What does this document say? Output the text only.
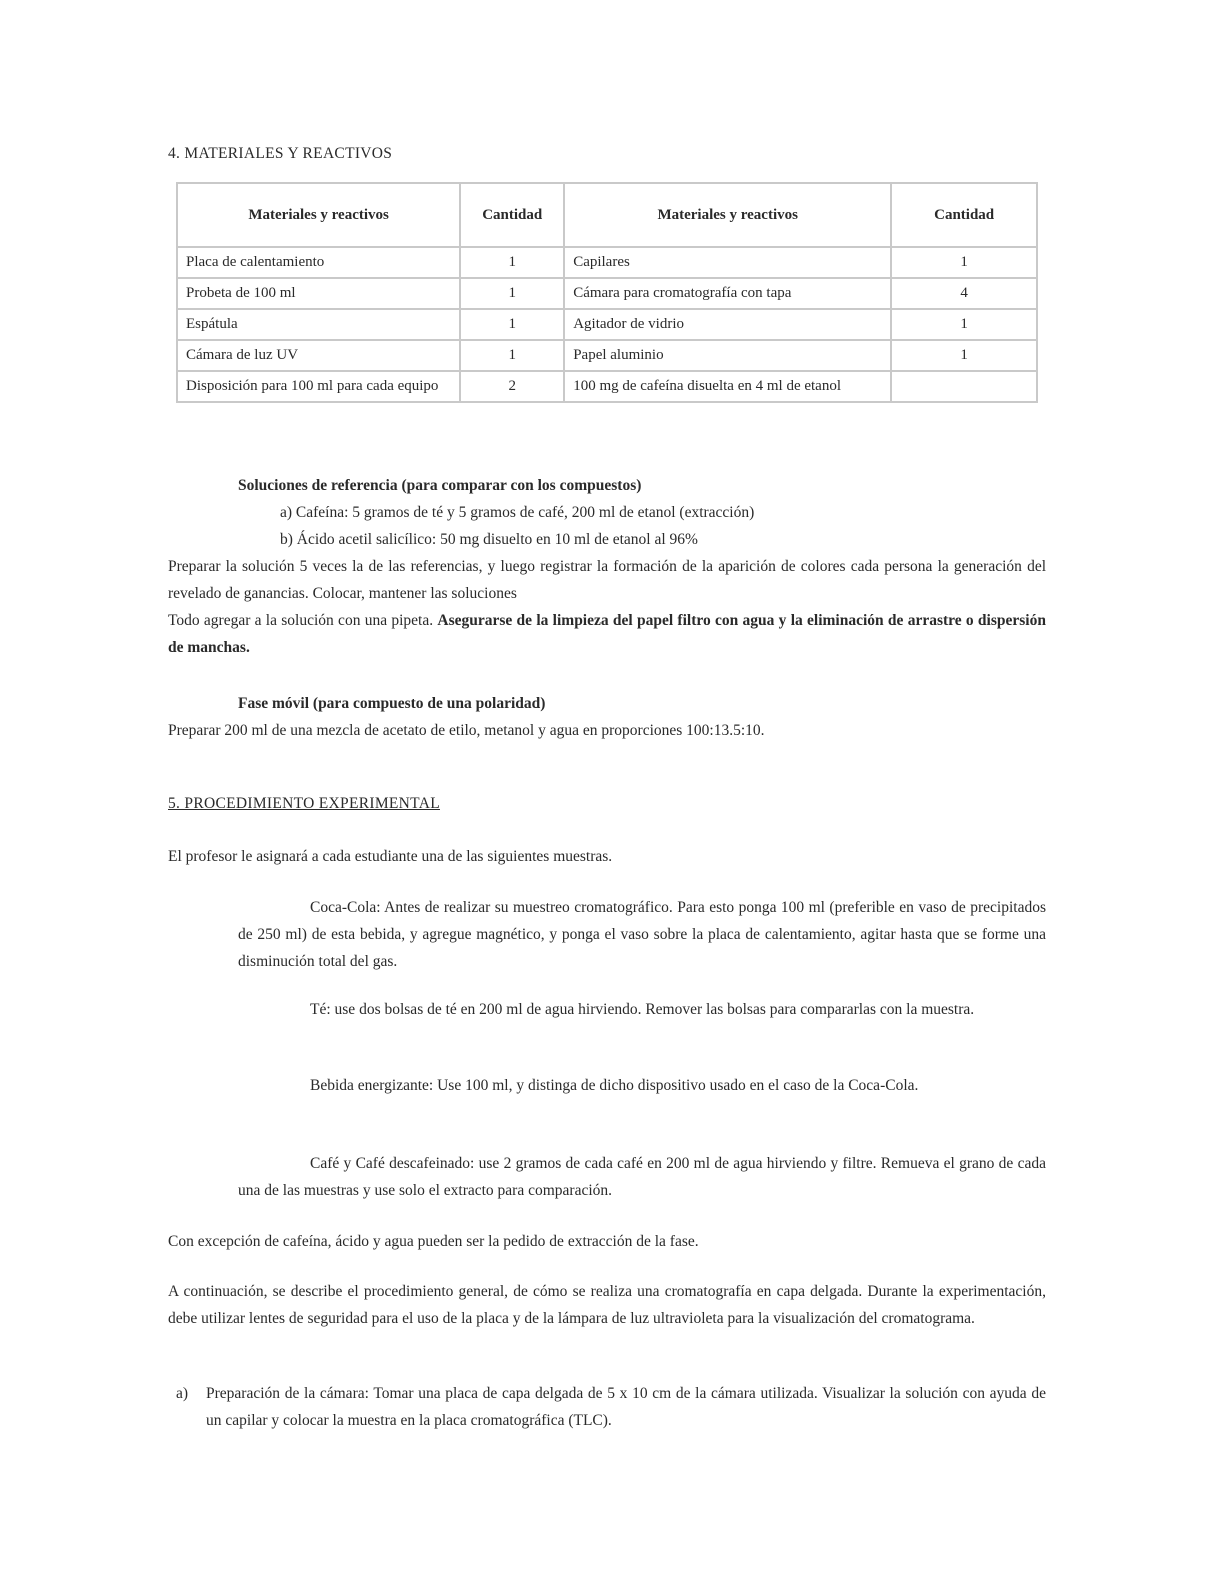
4. MATERIALES Y REACTIVOS

Materiales y reactivos	Cantidad	Materiales y reactivos	Cantidad
Placa de calentamiento	1	Capilares	1
Probeta de 100 ml	1	Cámara para cromatografía con tapa	4
Espátula	1	Agitador de vidrio	1
Cámara de luz UV	1	Papel aluminio	1
Disposición para 100 ml para cada equipo	2	100 mg de cafeína disuelta en 4 ml de etanol	
Soluciones de referencia (para comparar con los compuestos)
a) Cafeína: 5 gramos de té y 5 gramos de café, 200 ml de etanol (extracción)
b) Ácido acetil salicílico: 50 mg disuelto en 10 ml de etanol al 96%
Preparar la solución 5 veces la de las referencias, y luego registrar la formación de la aparición de colores cada persona la generación del revelado de ganancias. Colocar, mantener las soluciones
Todo agregar a la solución con una pipeta. Asegurarse de la limpieza del papel filtro con agua y la eliminación de arrastre o dispersión de manchas.
Fase móvil (para compuesto de una polaridad)
Preparar 200 ml de una mezcla de acetato de etilo, metanol y agua en proporciones 100:13.5:10.

5. PROCEDIMIENTO EXPERIMENTAL

El profesor le asignará a cada estudiante una de las siguientes muestras.
Coca-Cola: Antes de realizar su muestreo cromatográfico. Para esto ponga 100 ml (preferible en vaso de precipitados de 250 ml) de esta bebida, y agregue magnético, y ponga el vaso sobre la placa de calentamiento, agitar hasta que se forme una disminución total del gas.
Té: use dos bolsas de té en 200 ml de agua hirviendo. Remover las bolsas para compararlas con la muestra.
Bebida energizante: Use 100 ml, y distinga de dicho dispositivo usado en el caso de la Coca-Cola.
Café y Café descafeinado: use 2 gramos de cada café en 200 ml de agua hirviendo y filtre. Remueva el grano de cada una de las muestras y use solo el extracto para comparación.
Con excepción de cafeína, ácido y agua pueden ser la pedido de extracción de la fase.
A continuación, se describe el procedimiento general, de cómo se realiza una cromatografía en capa delgada. Durante la experimentación, debe utilizar lentes de seguridad para el uso de la placa y de la lámpara de luz ultravioleta para la visualización del cromatograma.
a) Preparación de la cámara: Tomar una placa de capa delgada de 5 x 10 cm de la cámara utilizada. Visualizar la solución con ayuda de un capilar y colocar la muestra en la placa cromatográfica (TLC).
